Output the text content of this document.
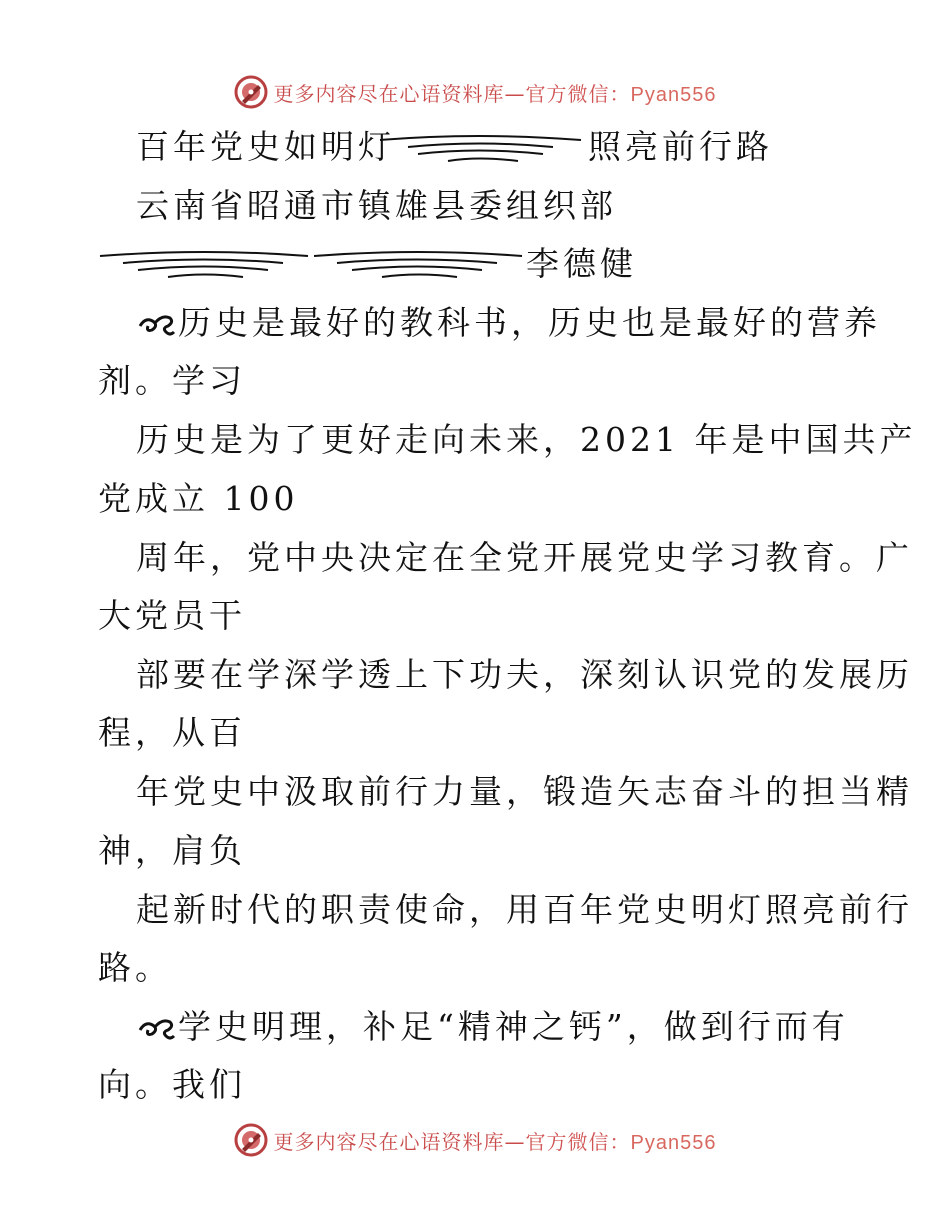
更多内容尽在心语资料库—官方微信：Pyan556
百年党史如明灯	照亮前行路
云南省昭通市镇雄县委组织部
李德健
历史是最好的教科书，历史也是最好的营养
剂。学习
历史是为了更好走向未来，2021 年是中国共产
党成立 100
周年，党中央决定在全党开展党史学习教育。广
大党员干
部要在学深学透上下功夫，深刻认识党的发展历
程，从百
年党史中汲取前行力量，锻造矢志奋斗的担当精
神，肩负
起新时代的职责使命，用百年党史明灯照亮前行
路。
学史明理，补足“精神之钙”，做到行而有
向。我们
更多内容尽在心语资料库—官方微信：Pyan556
